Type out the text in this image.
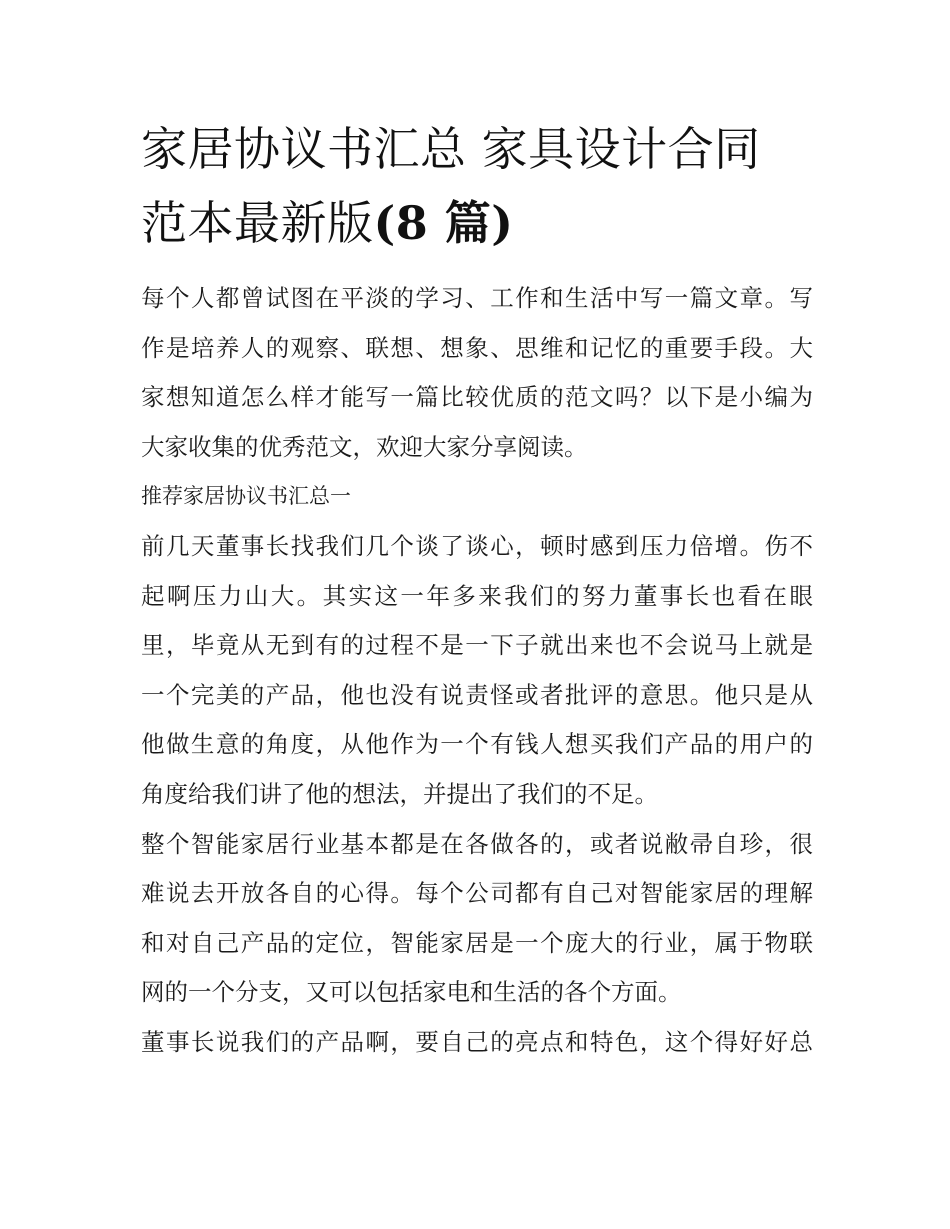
家居协议书汇总 家具设计合同
范本最新版(8 篇)

每个人都曾试图在平淡的学习、工作和生活中写一篇文章。写
作是培养人的观察、联想、想象、思维和记忆的重要手段。大
家想知道怎么样才能写一篇比较优质的范文吗？以下是小编为
大家收集的优秀范文，欢迎大家分享阅读。

推荐家居协议书汇总一

前几天董事长找我们几个谈了谈心，顿时感到压力倍增。伤不
起啊压力山大。其实这一年多来我们的努力董事长也看在眼
里，毕竟从无到有的过程不是一下子就出来也不会说马上就是
一个完美的产品，他也没有说责怪或者批评的意思。他只是从
他做生意的角度，从他作为一个有钱人想买我们产品的用户的
角度给我们讲了他的想法，并提出了我们的不足。

整个智能家居行业基本都是在各做各的，或者说敝帚自珍，很
难说去开放各自的心得。每个公司都有自己对智能家居的理解
和对自己产品的定位，智能家居是一个庞大的行业，属于物联
网的一个分支，又可以包括家电和生活的各个方面。

董事长说我们的产品啊，要自己的亮点和特色，这个得好好总
